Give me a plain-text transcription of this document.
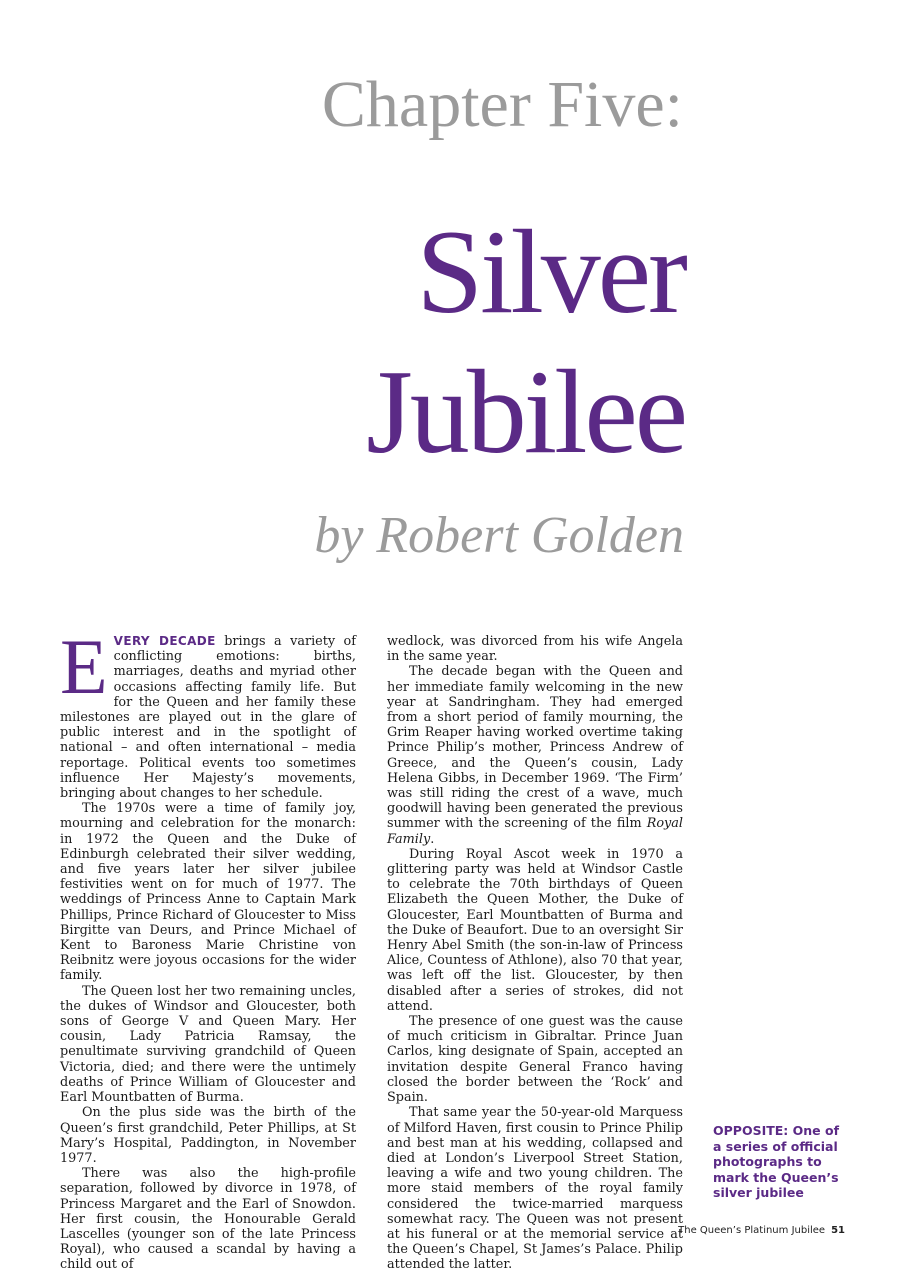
Chapter Five:
Silver
Jubilee
by Robert Golden

EVERY DECADE brings a variety of conflicting emotions: births, marriages, deaths and myriad other occasions affecting family life. But for the Queen and her family these milestones are played out in the glare of public interest and in the spotlight of national – and often international – media reportage. Political events too sometimes influence Her Majesty’s movements, bringing about changes to her schedule.

The 1970s were a time of family joy, mourning and celebration for the monarch: in 1972 the Queen and the Duke of Edinburgh celebrated their silver wedding, and five years later her silver jubilee festivities went on for much of 1977. The weddings of Princess Anne to Captain Mark Phillips, Prince Richard of Gloucester to Miss Birgitte van Deurs, and Prince Michael of Kent to Baroness Marie Christine von Reibnitz were joyous occasions for the wider family.

The Queen lost her two remaining uncles, the dukes of Windsor and Gloucester, both sons of George V and Queen Mary. Her cousin, Lady Patricia Ramsay, the penultimate surviving grandchild of Queen Victoria, died; and there were the untimely deaths of Prince William of Gloucester and Earl Mountbatten of Burma.

On the plus side was the birth of the Queen’s first grandchild, Peter Phillips, at St Mary’s Hospital, Paddington, in November 1977.

There was also the high-profile separation, followed by divorce in 1978, of Princess Margaret and the Earl of Snowdon. Her first cousin, the Honourable Gerald Lascelles (younger son of the late Princess Royal), who caused a scandal by having a child out of

wedlock, was divorced from his wife Angela in the same year.

The decade began with the Queen and her immediate family welcoming in the new year at Sandringham. They had emerged from a short period of family mourning, the Grim Reaper having worked overtime taking Prince Philip’s mother, Princess Andrew of Greece, and the Queen’s cousin, Lady Helena Gibbs, in December 1969. ‘The Firm’ was still riding the crest of a wave, much goodwill having been generated the previous summer with the screening of the film Royal Family.

During Royal Ascot week in 1970 a glittering party was held at Windsor Castle to celebrate the 70th birthdays of Queen Elizabeth the Queen Mother, the Duke of Gloucester, Earl Mountbatten of Burma and the Duke of Beaufort. Due to an oversight Sir Henry Abel Smith (the son-in-law of Princess Alice, Countess of Athlone), also 70 that year, was left off the list. Gloucester, by then disabled after a series of strokes, did not attend.

The presence of one guest was the cause of much criticism in Gibraltar. Prince Juan Carlos, king designate of Spain, accepted an invitation despite General Franco having closed the border between the ‘Rock’ and Spain.

That same year the 50-year-old Marquess of Milford Haven, first cousin to Prince Philip and best man at his wedding, collapsed and died at London’s Liverpool Street Station, leaving a wife and two young children. The more staid members of the royal family considered the twice-married marquess somewhat racy. The Queen was not present at his funeral or at the memorial service at the Queen’s Chapel, St James’s Palace. Philip attended the latter.

OPPOSITE: One of a series of official photographs to mark the Queen’s silver jubilee
The Queen’s Platinum Jubilee 51
